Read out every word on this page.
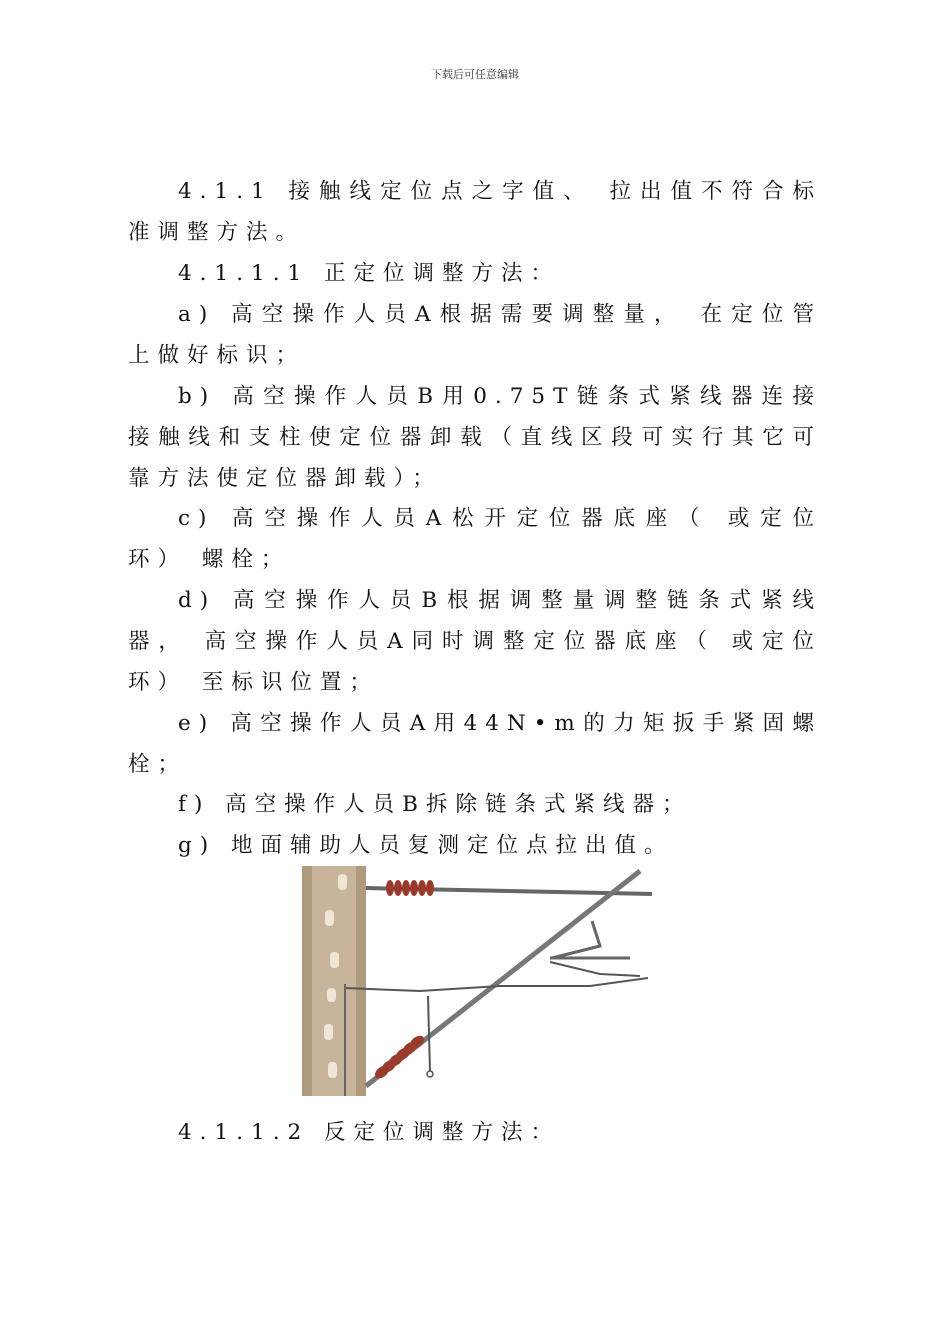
下载后可任意编辑
4.1.1 接触线定位点之字值、 拉出值不符合标准调整方法。
4.1.1.1 正定位调整方法：
a) 高空操作人员A根据需要调整量， 在定位管上做好标识；
b) 高空操作人员B用0.75T链条式紧线器连接接触线和支柱使定位器卸载（直线区段可实行其它可靠方法使定位器卸载）；
c) 高空操作人员A松开定位器底座（ 或定位环） 螺栓；
d) 高空操作人员B根据调整量调整链条式紧线器， 高空操作人员A同时调整定位器底座（ 或定位环） 至标识位置；
e) 高空操作人员A用44N•m的力矩扳手紧固螺栓；
f) 高空操作人员B拆除链条式紧线器；
g) 地面辅助人员复测定位点拉出值。
4.1.1.2 反定位调整方法：
